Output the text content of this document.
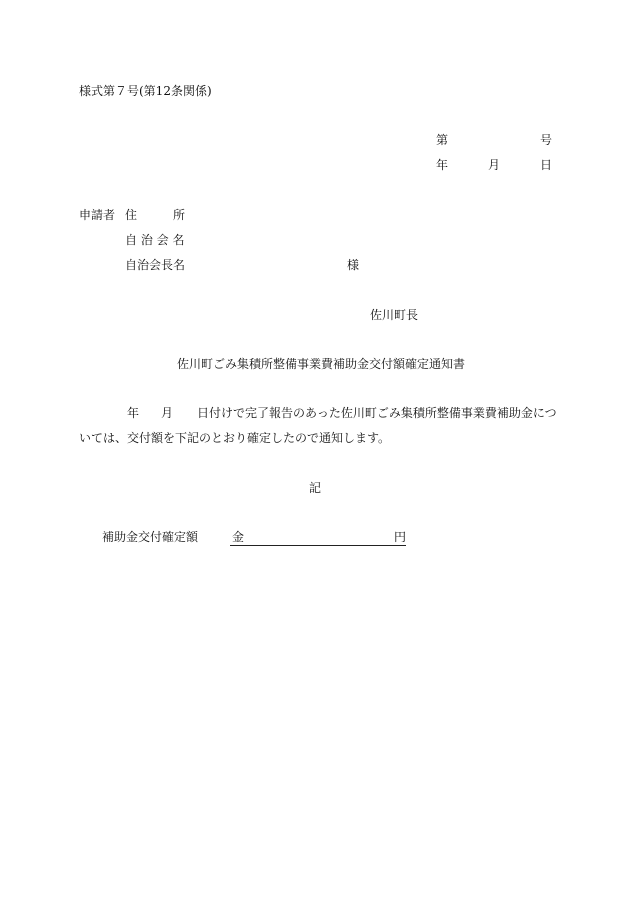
様式第７号(第12条関係)
第	号
年	月	日
申請者 住　　　所
自 治 会 名
自治会長名	様
佐川町長
佐川町ごみ集積所整備事業費補助金交付額確定通知書
年 月 日付けで完了報告のあった佐川町ごみ集積所整備事業費補助金につ
いては、交付額を下記のとおり確定したので通知します。
記
補助金交付確定額	金	円
